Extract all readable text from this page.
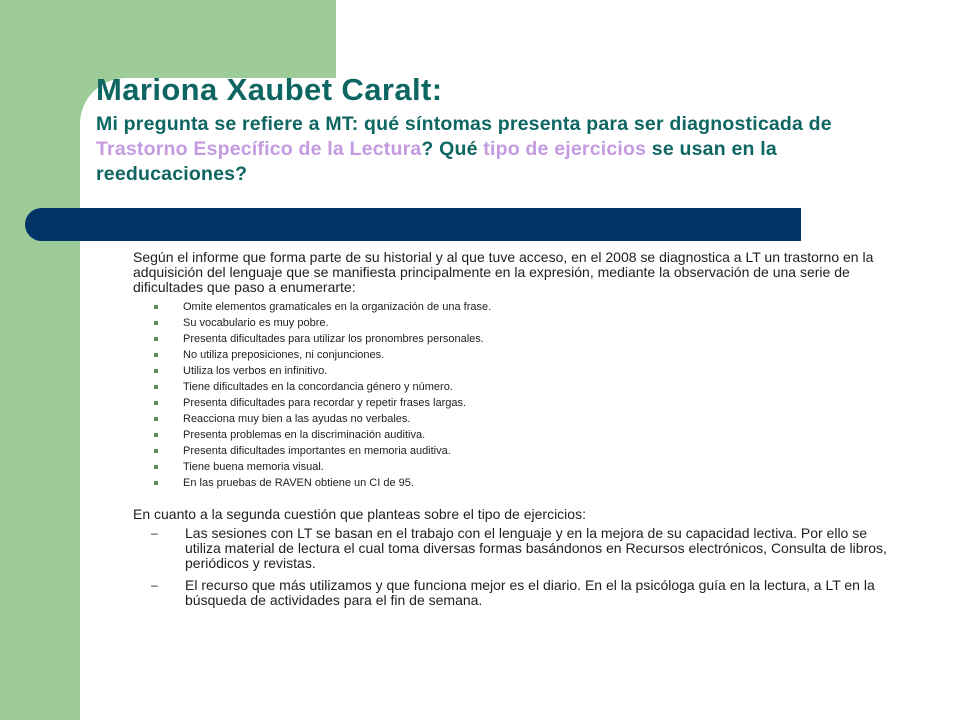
Mariona Xaubet Caralt:
Mi pregunta se refiere a MT: qué síntomas presenta para ser diagnosticada de Trastorno Específico de la Lectura? Qué tipo de ejercicios se usan en la reeducaciones?

Según el informe que forma parte de su historial y al que tuve acceso, en el 2008 se diagnostica a LT un trastorno en la adquisición del lenguaje que se manifiesta principalmente en la expresión, mediante la observación de una serie de dificultades que paso a enumerarte:

Omite elementos gramaticales en la organización de una frase.
Su vocabulario es muy pobre.
Presenta dificultades para utilizar los pronombres personales.
No utiliza preposiciones, ni conjunciones.
Utiliza los verbos en infinitivo.
Tiene dificultades en la concordancia género y número.
Presenta dificultades para recordar y repetir frases largas.
Reacciona muy bien a las ayudas no verbales.
Presenta problemas en la discriminación auditiva.
Presenta dificultades importantes en memoria auditiva.
Tiene buena memoria visual.
En las pruebas de RAVEN obtiene un CI de 95.

En cuanto a la segunda cuestión que planteas sobre el tipo de ejercicios:

– Las sesiones con LT se basan en el trabajo con el lenguaje y en la mejora de su capacidad lectiva. Por ello se utiliza material de lectura el cual toma diversas formas basándonos en Recursos electrónicos, Consulta de libros, periódicos y revistas.
– El recurso que más utilizamos y que funciona mejor es el diario. En el la psicóloga guía en la lectura, a LT en la búsqueda de actividades para el fin de semana.
